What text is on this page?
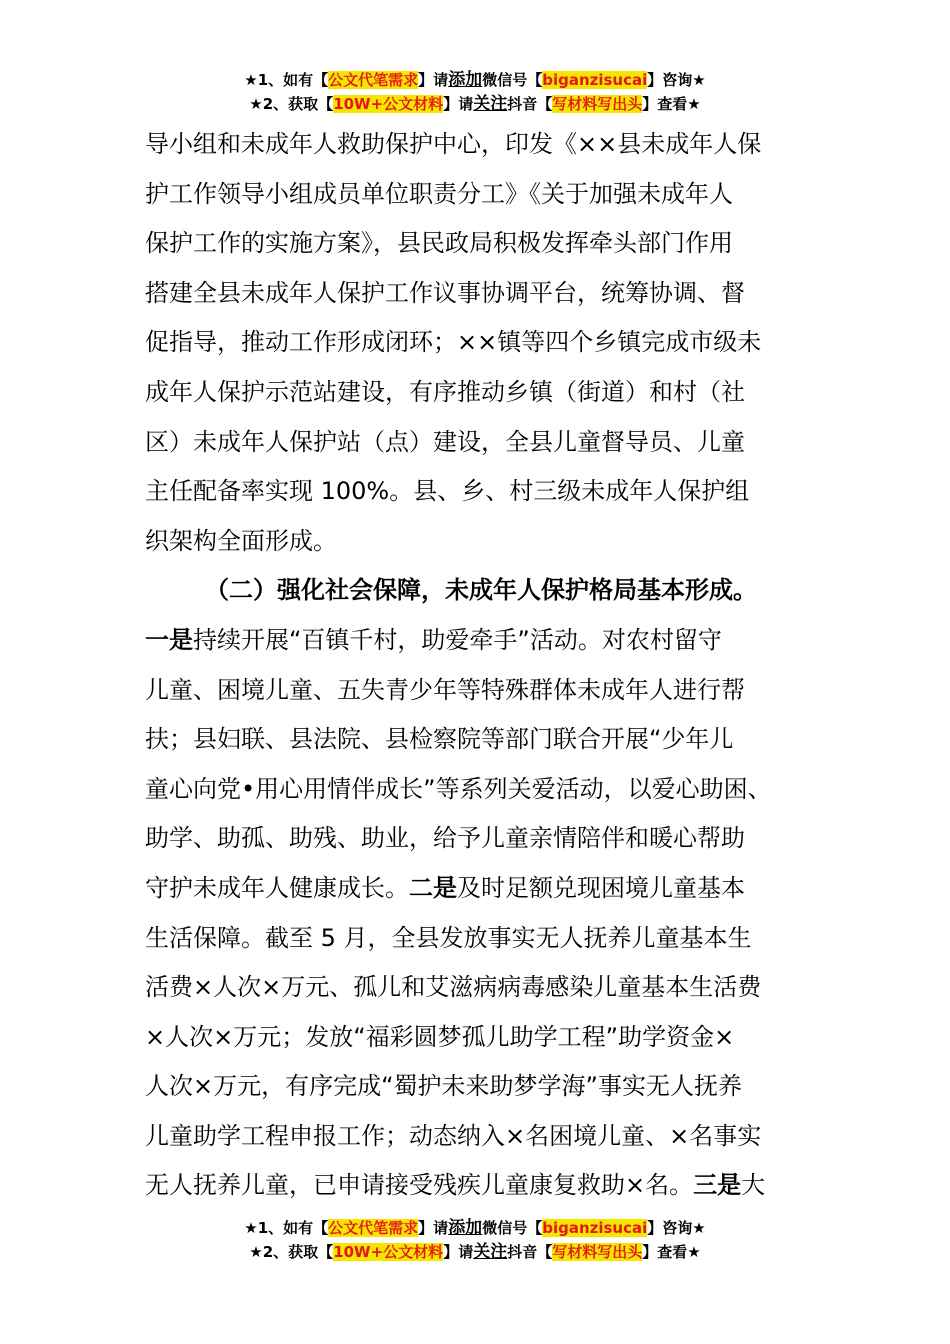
★1、如有【公文代笔需求】请添加微信号【biganzisucai】咨询★
★2、获取【10W+公文材料】请关注抖音【写材料写出头】查看★
导小组和未成年人救助保护中心，印发《××县未成年人保
护工作领导小组成员单位职责分工》《关于加强未成年人
保护工作的实施方案》，县民政局积极发挥牵头部门作用
搭建全县未成年人保护工作议事协调平台，统筹协调、督
促指导，推动工作形成闭环；××镇等四个乡镇完成市级未
成年人保护示范站建设，有序推动乡镇（街道）和村（社
区）未成年人保护站（点）建设，全县儿童督导员、儿童
主任配备率实现 100%。县、乡、村三级未成年人保护组
织架构全面形成。
（二）强化社会保障，未成年人保护格局基本形成。
一是持续开展“百镇千村，助爱牵手”活动。对农村留守
儿童、困境儿童、五失青少年等特殊群体未成年人进行帮
扶；县妇联、县法院、县检察院等部门联合开展“少年儿
童心向党•用心用情伴成长”等系列关爱活动，以爱心助困、
助学、助孤、助残、助业，给予儿童亲情陪伴和暖心帮助
守护未成年人健康成长。二是及时足额兑现困境儿童基本
生活保障。截至 5 月，全县发放事实无人抚养儿童基本生
活费×人次×万元、孤儿和艾滋病病毒感染儿童基本生活费
×人次×万元；发放“福彩圆梦孤儿助学工程”助学资金×
人次×万元，有序完成“蜀护未来助梦学海”事实无人抚养
儿童助学工程申报工作；动态纳入×名困境儿童、×名事实
无人抚养儿童，已申请接受残疾儿童康复救助×名。三是大
★1、如有【公文代笔需求】请添加微信号【biganzisucai】咨询★
★2、获取【10W+公文材料】请关注抖音【写材料写出头】查看★
